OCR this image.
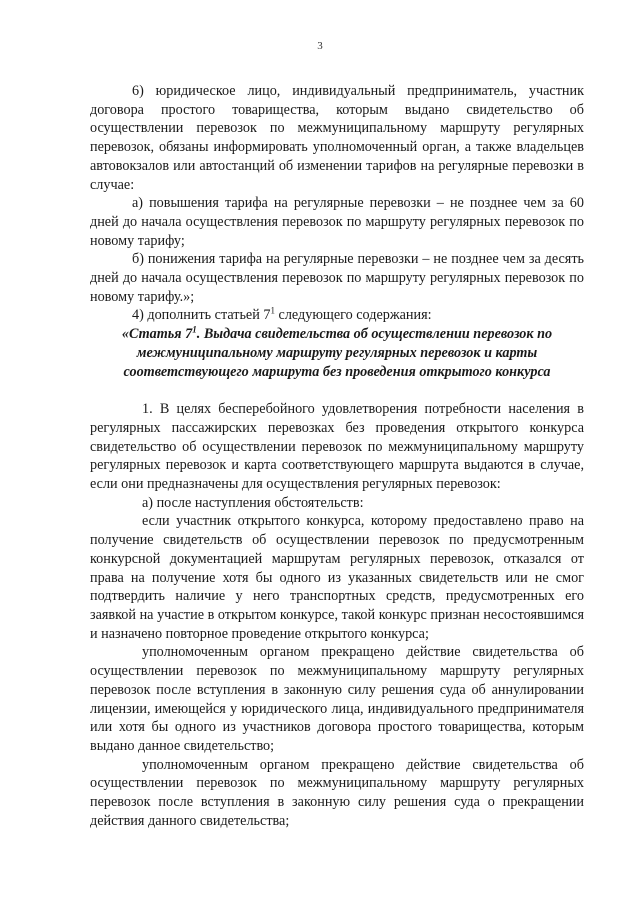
3

6) юридическое лицо, индивидуальный предприниматель, участник договора простого товарищества, которым выдано свидетельство об осуществлении перевозок по межмуниципальному маршруту регулярных перевозок, обязаны информировать уполномоченный орган, а также владельцев автовокзалов или автостанций об изменении тарифов на регулярные перевозки в случае:

а) повышения тарифа на регулярные перевозки – не позднее чем за 60 дней до начала осуществления перевозок по маршруту регулярных перевозок по новому тарифу;

б) понижения тарифа на регулярные перевозки – не позднее чем за десять дней до начала осуществления перевозок по маршруту регулярных перевозок по новому тарифу.»;

4) дополнить статьей $7^1$ следующего содержания:

«Статья $7^1$. Выдача свидетельства об осуществлении перевозок по межмуниципальному маршруту регулярных перевозок и карты соответствующего маршрута без проведения открытого конкурса

1. В целях бесперебойного удовлетворения потребности населения в регулярных пассажирских перевозках без проведения открытого конкурса свидетельство об осуществлении перевозок по межмуниципальному маршруту регулярных перевозок и карта соответствующего маршрута выдаются в случае, если они предназначены для осуществления регулярных перевозок:

а) после наступления обстоятельств:

если участник открытого конкурса, которому предоставлено право на получение свидетельств об осуществлении перевозок по предусмотренным конкурсной документацией маршрутам регулярных перевозок, отказался от права на получение хотя бы одного из указанных свидетельств или не смог подтвердить наличие у него транспортных средств, предусмотренных его заявкой на участие в открытом конкурсе, такой конкурс признан несостоявшимся и назначено повторное проведение открытого конкурса;

уполномоченным органом прекращено действие свидетельства об осуществлении перевозок по межмуниципальному маршруту регулярных перевозок после вступления в законную силу решения суда об аннулировании лицензии, имеющейся у юридического лица, индивидуального предпринимателя или хотя бы одного из участников договора простого товарищества, которым выдано данное свидетельство;

уполномоченным органом прекращено действие свидетельства об осуществлении перевозок по межмуниципальному маршруту регулярных перевозок после вступления в законную силу решения суда о прекращении действия данного свидетельства;
